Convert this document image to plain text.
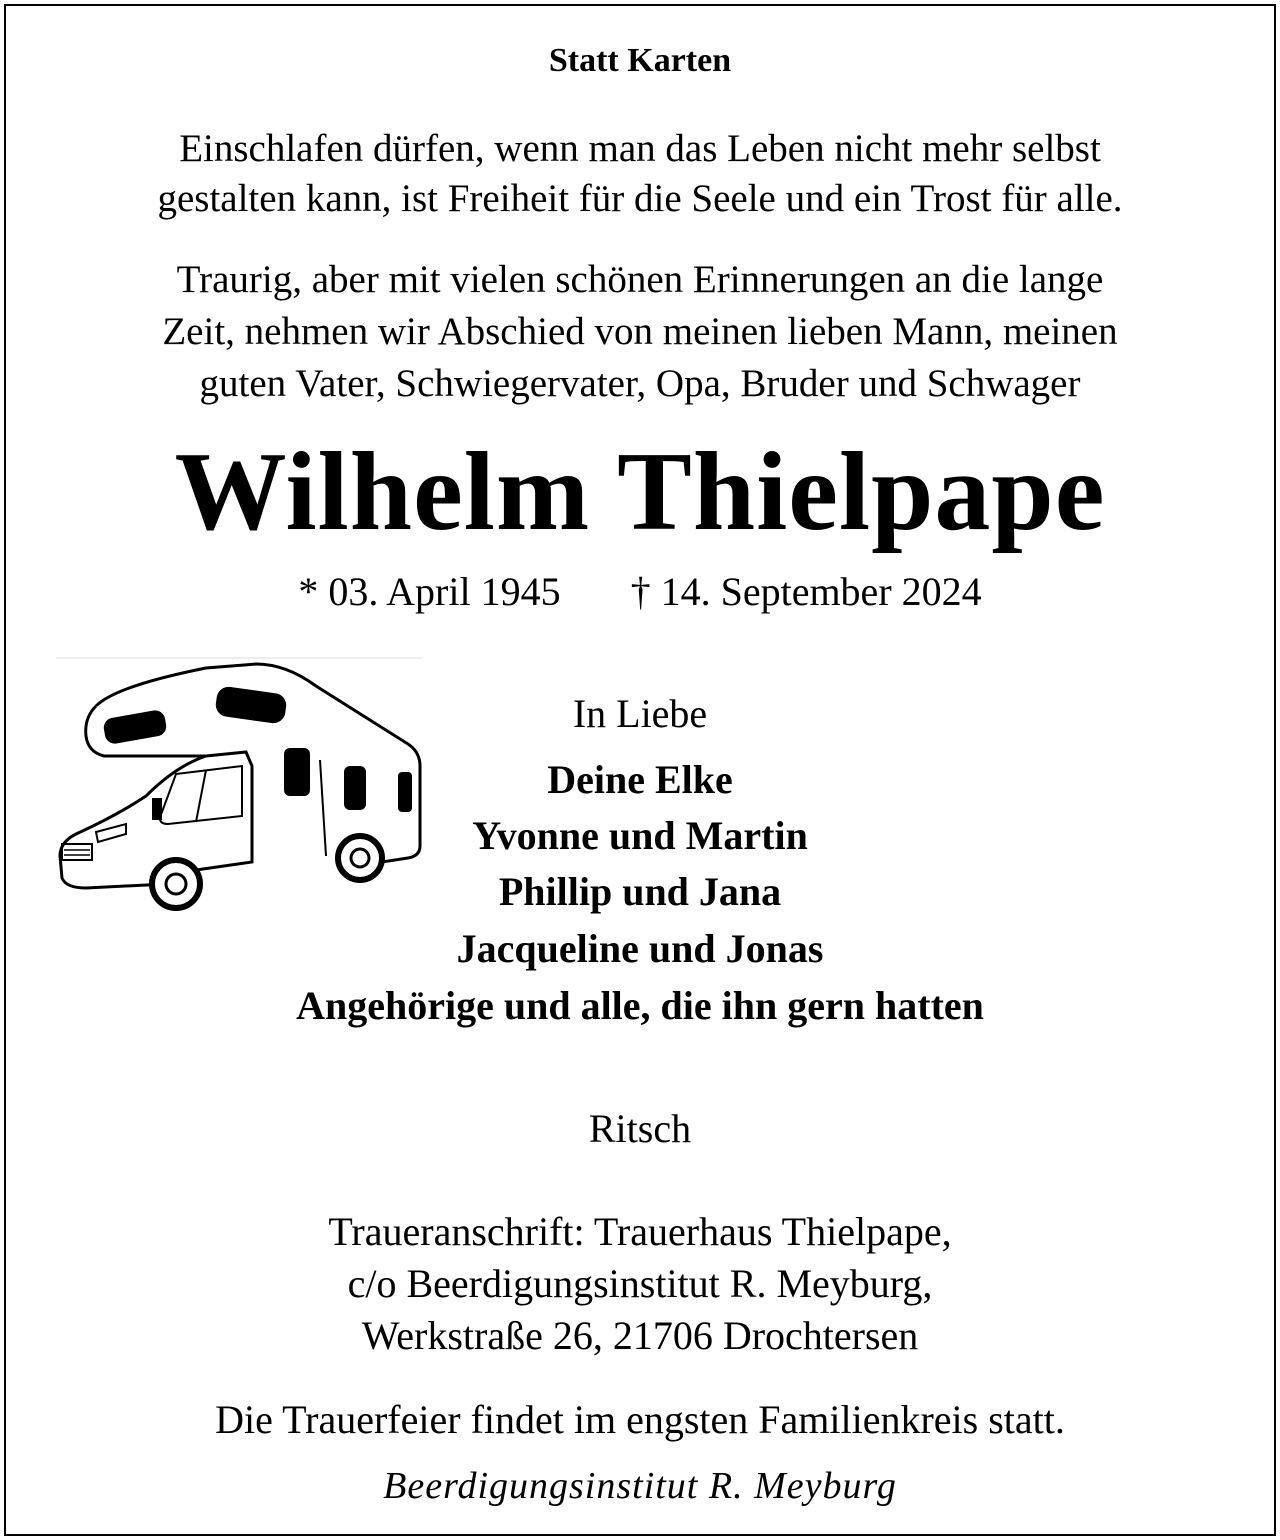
Statt Karten
Einschlafen dürfen, wenn man das Leben nicht mehr selbst
gestalten kann, ist Freiheit für die Seele und ein Trost für alle.
Traurig, aber mit vielen schönen Erinnerungen an die lange
Zeit, nehmen wir Abschied von meinen lieben Mann, meinen
guten Vater, Schwiegervater, Opa, Bruder und Schwager
Wilhelm Thielpape
* 03. April 1945 † 14. September 2024
In Liebe
Deine Elke
Yvonne und Martin
Phillip und Jana
Jacqueline und Jonas
Angehörige und alle, die ihn gern hatten
Ritsch
Traueranschrift: Trauerhaus Thielpape,
c/o Beerdigungsinstitut R. Meyburg,
Werkstraße 26, 21706 Drochtersen
Die Trauerfeier findet im engsten Familienkreis statt.
Beerdigungsinstitut R. Meyburg
